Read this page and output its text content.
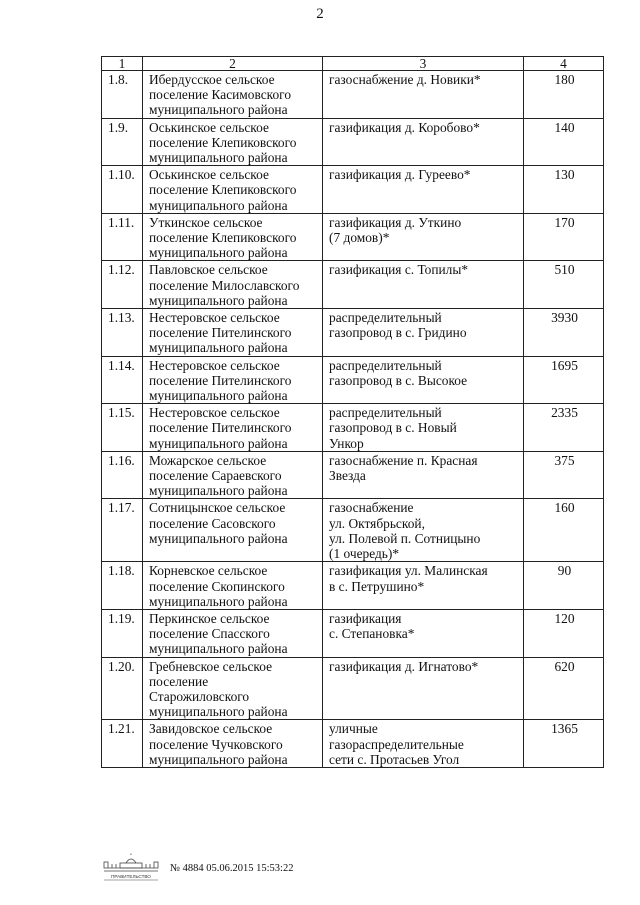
2
1	2	3	4
1.8.	Ибердусское сельское
поселение Касимовского
муниципального района	газоснабжение д. Новики*	180
1.9.	Оськинское сельское
поселение Клепиковского
муниципального района	газификация д. Коробово*	140
1.10.	Оськинское сельское
поселение Клепиковского
муниципального района	газификация д. Гуреево*	130
1.11.	Уткинское сельское
поселение Клепиковского
муниципального района	газификация д. Уткино
(7 домов)*	170
1.12.	Павловское сельское
поселение Милославского
муниципального района	газификация с. Топилы*	510
1.13.	Нестеровское сельское
поселение Пителинского
муниципального района	распределительный
газопровод в с. Гридино	3930
1.14.	Нестеровское сельское
поселение Пителинского
муниципального района	распределительный
газопровод в с. Высокое	1695
1.15.	Нестеровское сельское
поселение Пителинского
муниципального района	распределительный
газопровод в с. Новый
Ункор	2335
1.16.	Можарское сельское
поселение Сараевского
муниципального района	газоснабжение п. Красная
Звезда	375
1.17.	Сотницынское сельское
поселение Сасовского
муниципального района	газоснабжение
ул. Октябрьской,
ул. Полевой п. Сотницыно
(1 очередь)*	160
1.18.	Корневское сельское
поселение Скопинского
муниципального района	газификация ул. Малинская
в с. Петрушино*	90
1.19.	Перкинское сельское
поселение Спасского
муниципального района	газификация
с. Степановка*	120
1.20.	Гребневское сельское
поселение
Старожиловского
муниципального района	газификация д. Игнатово*	620
1.21.	Завидовское сельское
поселение Чучковского
муниципального района	уличные
газораспределительные
сети с. Протасьев Угол	1365
ПРАВИТЕЛЬСТВО
№ 4884 05.06.2015 15:53:22
